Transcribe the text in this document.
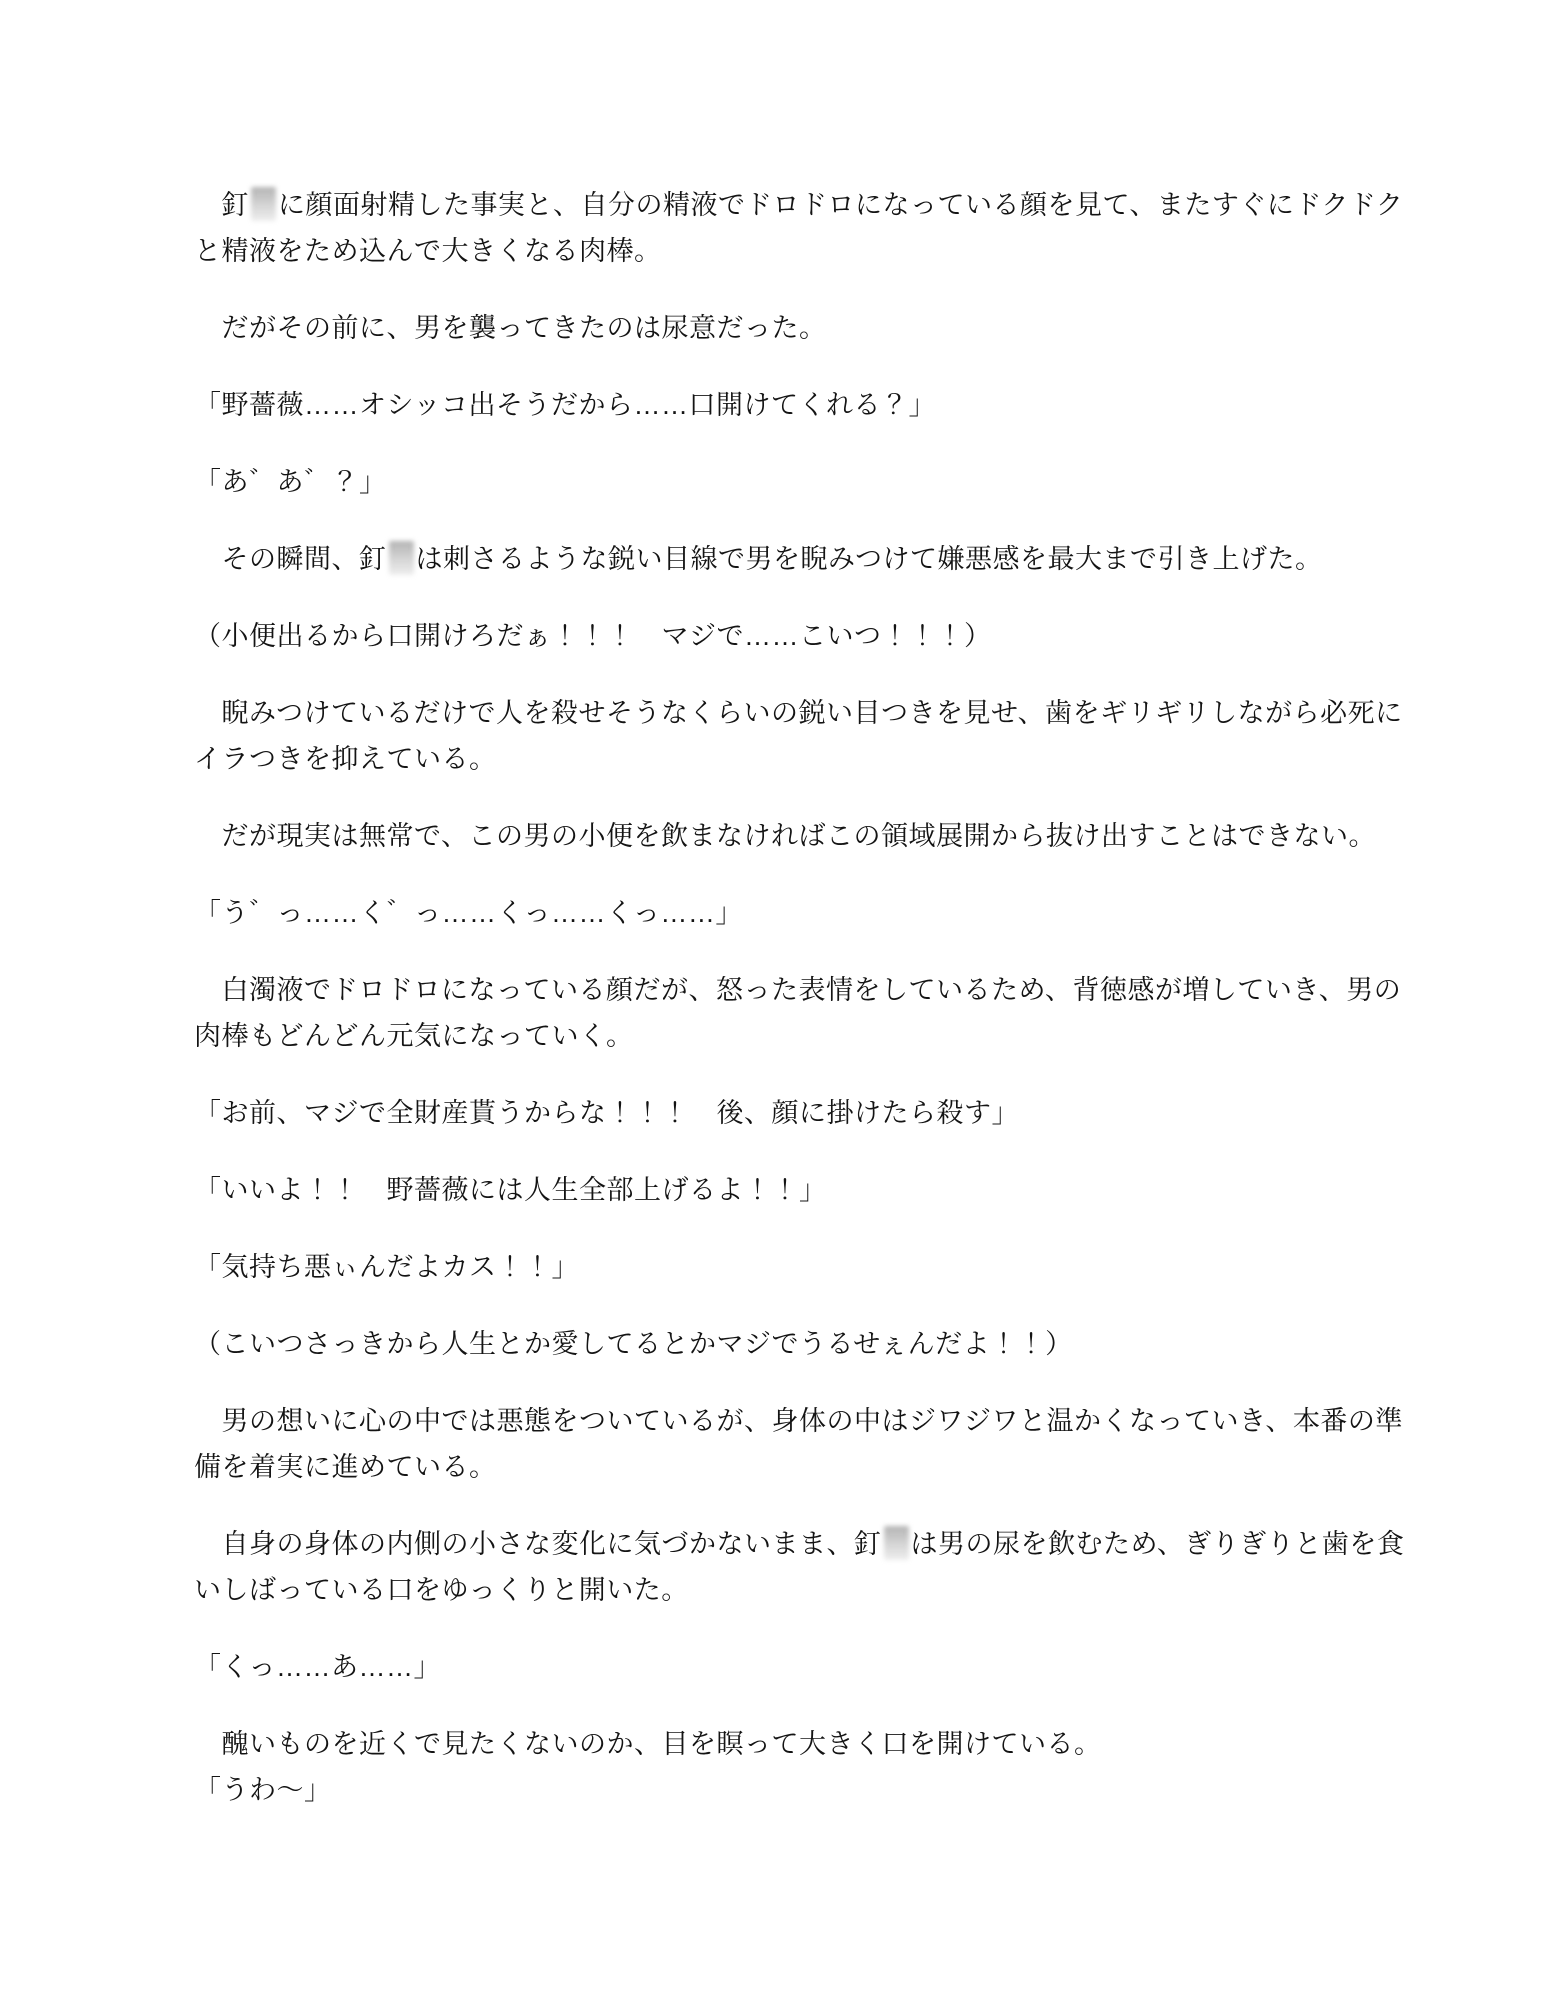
　釘 に顔面射精した事実と、自分の精液でドロドロになっている顔を見て、またすぐにドクドク
と精液をため込んで大きくなる肉棒。
　だがその前に、男を襲ってきたのは尿意だった。
「野薔薇……オシッコ出そうだから……口開けてくれる？」
「あ゛あ゛？」
　その瞬間、釘 は刺さるような鋭い目線で男を睨みつけて嫌悪感を最大まで引き上げた。
（小便出るから口開けろだぁ！！！　マジで……こいつ！！！）
　睨みつけているだけで人を殺せそうなくらいの鋭い目つきを見せ、歯をギリギリしながら必死に
イラつきを抑えている。
　だが現実は無常で、この男の小便を飲まなければこの領域展開から抜け出すことはできない。
「う゛っ……く゛っ……くっ……くっ……」
　白濁液でドロドロになっている顔だが、怒った表情をしているため、背徳感が増していき、男の
肉棒もどんどん元気になっていく。
「お前、マジで全財産貰うからな！！！　後、顔に掛けたら殺す」
「いいよ！！　野薔薇には人生全部上げるよ！！」
「気持ち悪ぃんだよカス！！」
（こいつさっきから人生とか愛してるとかマジでうるせぇんだよ！！）
　男の想いに心の中では悪態をついているが、身体の中はジワジワと温かくなっていき、本番の準
備を着実に進めている。
　自身の身体の内側の小さな変化に気づかないまま、釘 は男の尿を飲むため、ぎりぎりと歯を食
いしばっている口をゆっくりと開いた。
「くっ……あ……」
　醜いものを近くで見たくないのか、目を瞑って大きく口を開けている。
「うわ～」
